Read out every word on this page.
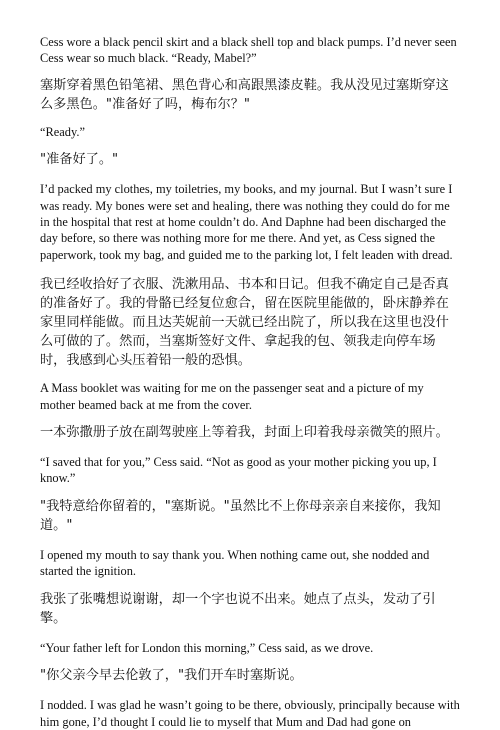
Cess wore a black pencil skirt and a black shell top and black pumps. I’d never seen Cess wear so much black. “Ready, Mabel?”

塞斯穿着黑色铅笔裙、黑色背心和高跟黑漆皮鞋。我从没见过塞斯穿这么多黑色。"准备好了吗，梅布尔？"

“Ready.”

"准备好了。"

I’d packed my clothes, my toiletries, my books, and my journal. But I wasn’t sure I was ready. My bones were set and healing, there was nothing they could do for me in the hospital that rest at home couldn’t do. And Daphne had been discharged the day before, so there was nothing more for me there. And yet, as Cess signed the paperwork, took my bag, and guided me to the parking lot, I felt leaden with dread.

我已经收拾好了衣服、洗漱用品、书本和日记。但我不确定自己是否真的准备好了。我的骨骼已经复位愈合，留在医院里能做的，卧床静养在家里同样能做。而且达芙妮前一天就已经出院了，所以我在这里也没什么可做的了。然而，当塞斯签好文件、拿起我的包、领我走向停车场时，我感到心头压着铅一般的恐惧。

A Mass booklet was waiting for me on the passenger seat and a picture of my mother beamed back at me from the cover.

一本弥撒册子放在副驾驶座上等着我，封面上印着我母亲微笑的照片。

“I saved that for you,” Cess said. “Not as good as your mother picking you up, I know.”

"我特意给你留着的，"塞斯说。"虽然比不上你母亲亲自来接你，我知道。"

I opened my mouth to say thank you. When nothing came out, she nodded and started the ignition.

我张了张嘴想说谢谢，却一个字也说不出来。她点了点头，发动了引擎。

“Your father left for London this morning,” Cess said, as we drove.

"你父亲今早去伦敦了，"我们开车时塞斯说。

I nodded. I was glad he wasn’t going to be there, obviously, principally because with him gone, I’d thought I could lie to myself that Mum and Dad had gone on
